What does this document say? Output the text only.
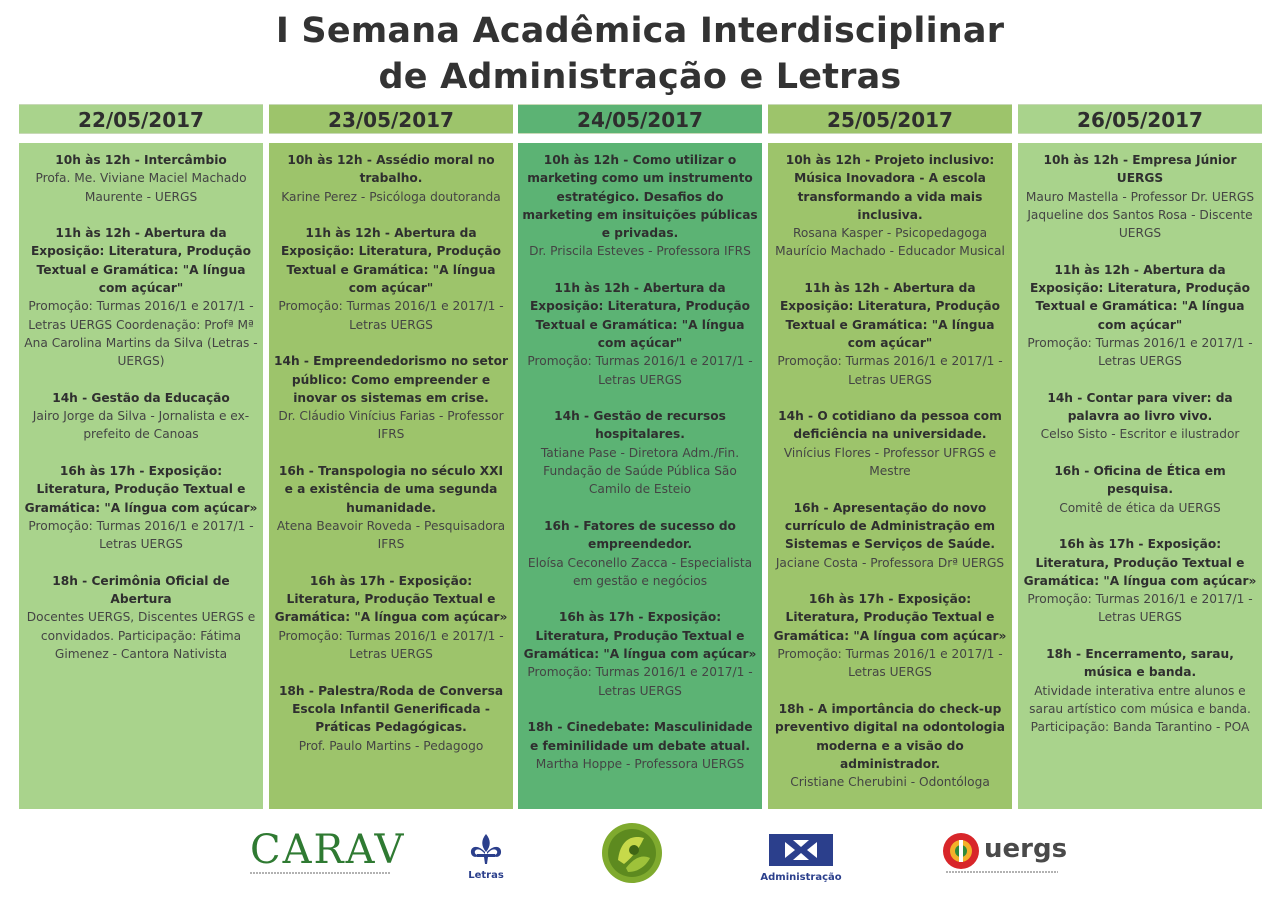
I Semana Acadêmica Interdisciplinar
de Administração e Letras
22/05/2017
10h às 12h - Intercâmbio
Profa. Me. Viviane Maciel Machado Maurente - UERGS
11h às 12h - Abertura da Exposição: Literatura, Produção Textual e Gramática: "A língua com açúcar"
Promoção: Turmas 2016/1 e 2017/1 - Letras UERGS Coordenação: Profª Mª Ana Carolina Martins da Silva (Letras - UERGS)
14h - Gestão da Educação
Jairo Jorge da Silva - Jornalista e ex-prefeito de Canoas
16h às 17h - Exposição: Literatura, Produção Textual e Gramática: "A língua com açúcar»
Promoção: Turmas 2016/1 e 2017/1 - Letras UERGS
18h - Cerimônia Oficial de Abertura
Docentes UERGS, Discentes UERGS e convidados. Participação: Fátima Gimenez - Cantora Nativista
23/05/2017
10h às 12h - Assédio moral no trabalho.
Karine Perez - Psicóloga doutoranda
11h às 12h - Abertura da Exposição: Literatura, Produção Textual e Gramática: "A língua com açúcar"
Promoção: Turmas 2016/1 e 2017/1 - Letras UERGS
14h - Empreendedorismo no setor público: Como empreender e inovar os sistemas em crise.
Dr. Cláudio Vinícius Farias - Professor IFRS
16h - Transpologia no século XXI e a existência de uma segunda humanidade.
Atena Beavoir Roveda - Pesquisadora IFRS
16h às 17h - Exposição: Literatura, Produção Textual e Gramática: "A língua com açúcar»
Promoção: Turmas 2016/1 e 2017/1 - Letras UERGS
18h - Palestra/Roda de Conversa Escola Infantil Generificada - Práticas Pedagógicas.
Prof. Paulo Martins - Pedagogo
24/05/2017
10h às 12h - Como utilizar o marketing como um instrumento estratégico. Desafios do marketing em insituições públicas e privadas.
Dr. Priscila Esteves - Professora IFRS
11h às 12h - Abertura da Exposição: Literatura, Produção Textual e Gramática: "A língua com açúcar"
Promoção: Turmas 2016/1 e 2017/1 - Letras UERGS
14h - Gestão de recursos hospitalares.
Tatiane Pase - Diretora Adm./Fin. Fundação de Saúde Pública São Camilo de Esteio
16h - Fatores de sucesso do empreendedor.
Eloísa Ceconello Zacca - Especialista em gestão e negócios
16h às 17h - Exposição: Literatura, Produção Textual e Gramática: "A língua com açúcar»
Promoção: Turmas 2016/1 e 2017/1 - Letras UERGS
18h - Cinedebate: Masculinidade e feminilidade um debate atual.
Martha Hoppe - Professora UERGS
25/05/2017
10h às 12h - Projeto inclusivo: Música Inovadora - A escola transformando a vida mais inclusiva.
Rosana Kasper - Psicopedagoga Maurício Machado - Educador Musical
11h às 12h - Abertura da Exposição: Literatura, Produção Textual e Gramática: "A língua com açúcar"
Promoção: Turmas 2016/1 e 2017/1 - Letras UERGS
14h - O cotidiano da pessoa com deficiência na universidade.
Vinícius Flores - Professor UFRGS e Mestre
16h - Apresentação do novo currículo de Administração em Sistemas e Serviços de Saúde.
Jaciane Costa - Professora Drª UERGS
16h às 17h - Exposição: Literatura, Produção Textual e Gramática: "A língua com açúcar»
Promoção: Turmas 2016/1 e 2017/1 - Letras UERGS
18h - A importância do check-up preventivo digital na odontologia moderna e a visão do administrador.
Cristiane Cherubini - Odontóloga
26/05/2017
10h às 12h - Empresa Júnior UERGS
Mauro Mastella - Professor Dr. UERGS Jaqueline dos Santos Rosa - Discente UERGS
11h às 12h - Abertura da Exposição: Literatura, Produção Textual e Gramática: "A língua com açúcar"
Promoção: Turmas 2016/1 e 2017/1 - Letras UERGS
14h - Contar para viver: da palavra ao livro vivo.
Celso Sisto - Escritor e ilustrador
16h - Oficina de Ética em pesquisa.
Comitê de ética da UERGS
16h às 17h - Exposição: Literatura, Produção Textual e Gramática: "A língua com açúcar»
Promoção: Turmas 2016/1 e 2017/1 - Letras UERGS
18h - Encerramento, sarau, música e banda.
Atividade interativa entre alunos e sarau artístico com música e banda. Participação: Banda Tarantino - POA
CARAV
Letras	Administração
uergs
